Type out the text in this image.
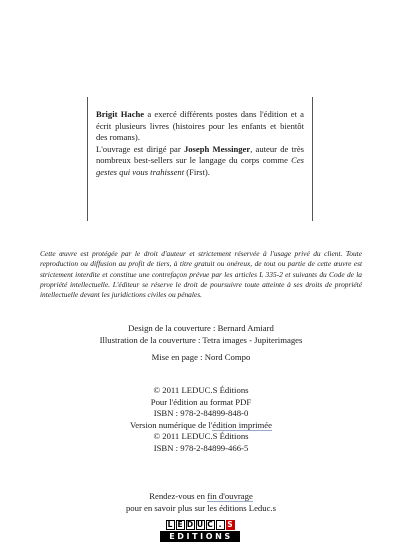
Brigit Hache a exercé différents postes dans l'édition et a écrit plusieurs livres (histoires pour les enfants et bientôt des romans).

L'ouvrage est dirigé par Joseph Messinger, auteur de très nombreux best-sellers sur le langage du corps comme Ces gestes qui vous trahissent (First).

Cette œuvre est protégée par le droit d'auteur et strictement réservée à l'usage privé du client. Toute reproduction ou diffusion au profit de tiers, à titre gratuit ou onéreux, de tout ou partie de cette œuvre est strictement interdite et constitue une contrefaçon prévue par les articles L 335-2 et suivants du Code de la propriété intellectuelle. L'éditeur se réserve le droit de poursuivre toute atteinte à ses droits de propriété intellectuelle devant les juridictions civiles ou pénales.

Design de la couverture : Bernard Amiard

Illustration de la couverture : Tetra images - Jupiterimages

Mise en page : Nord Compo

© 2011 LEDUC.S Éditions

Pour l'édition au format PDF

ISBN : 978-2-84899-848-0

Version numérique de l'édition imprimée

© 2011 LEDUC.S Éditions

ISBN : 978-2-84899-466-5

Rendez-vous en fin d'ouvrage

pour en savoir plus sur les éditions Leduc.s

L E D U C . S
EDITIONS
